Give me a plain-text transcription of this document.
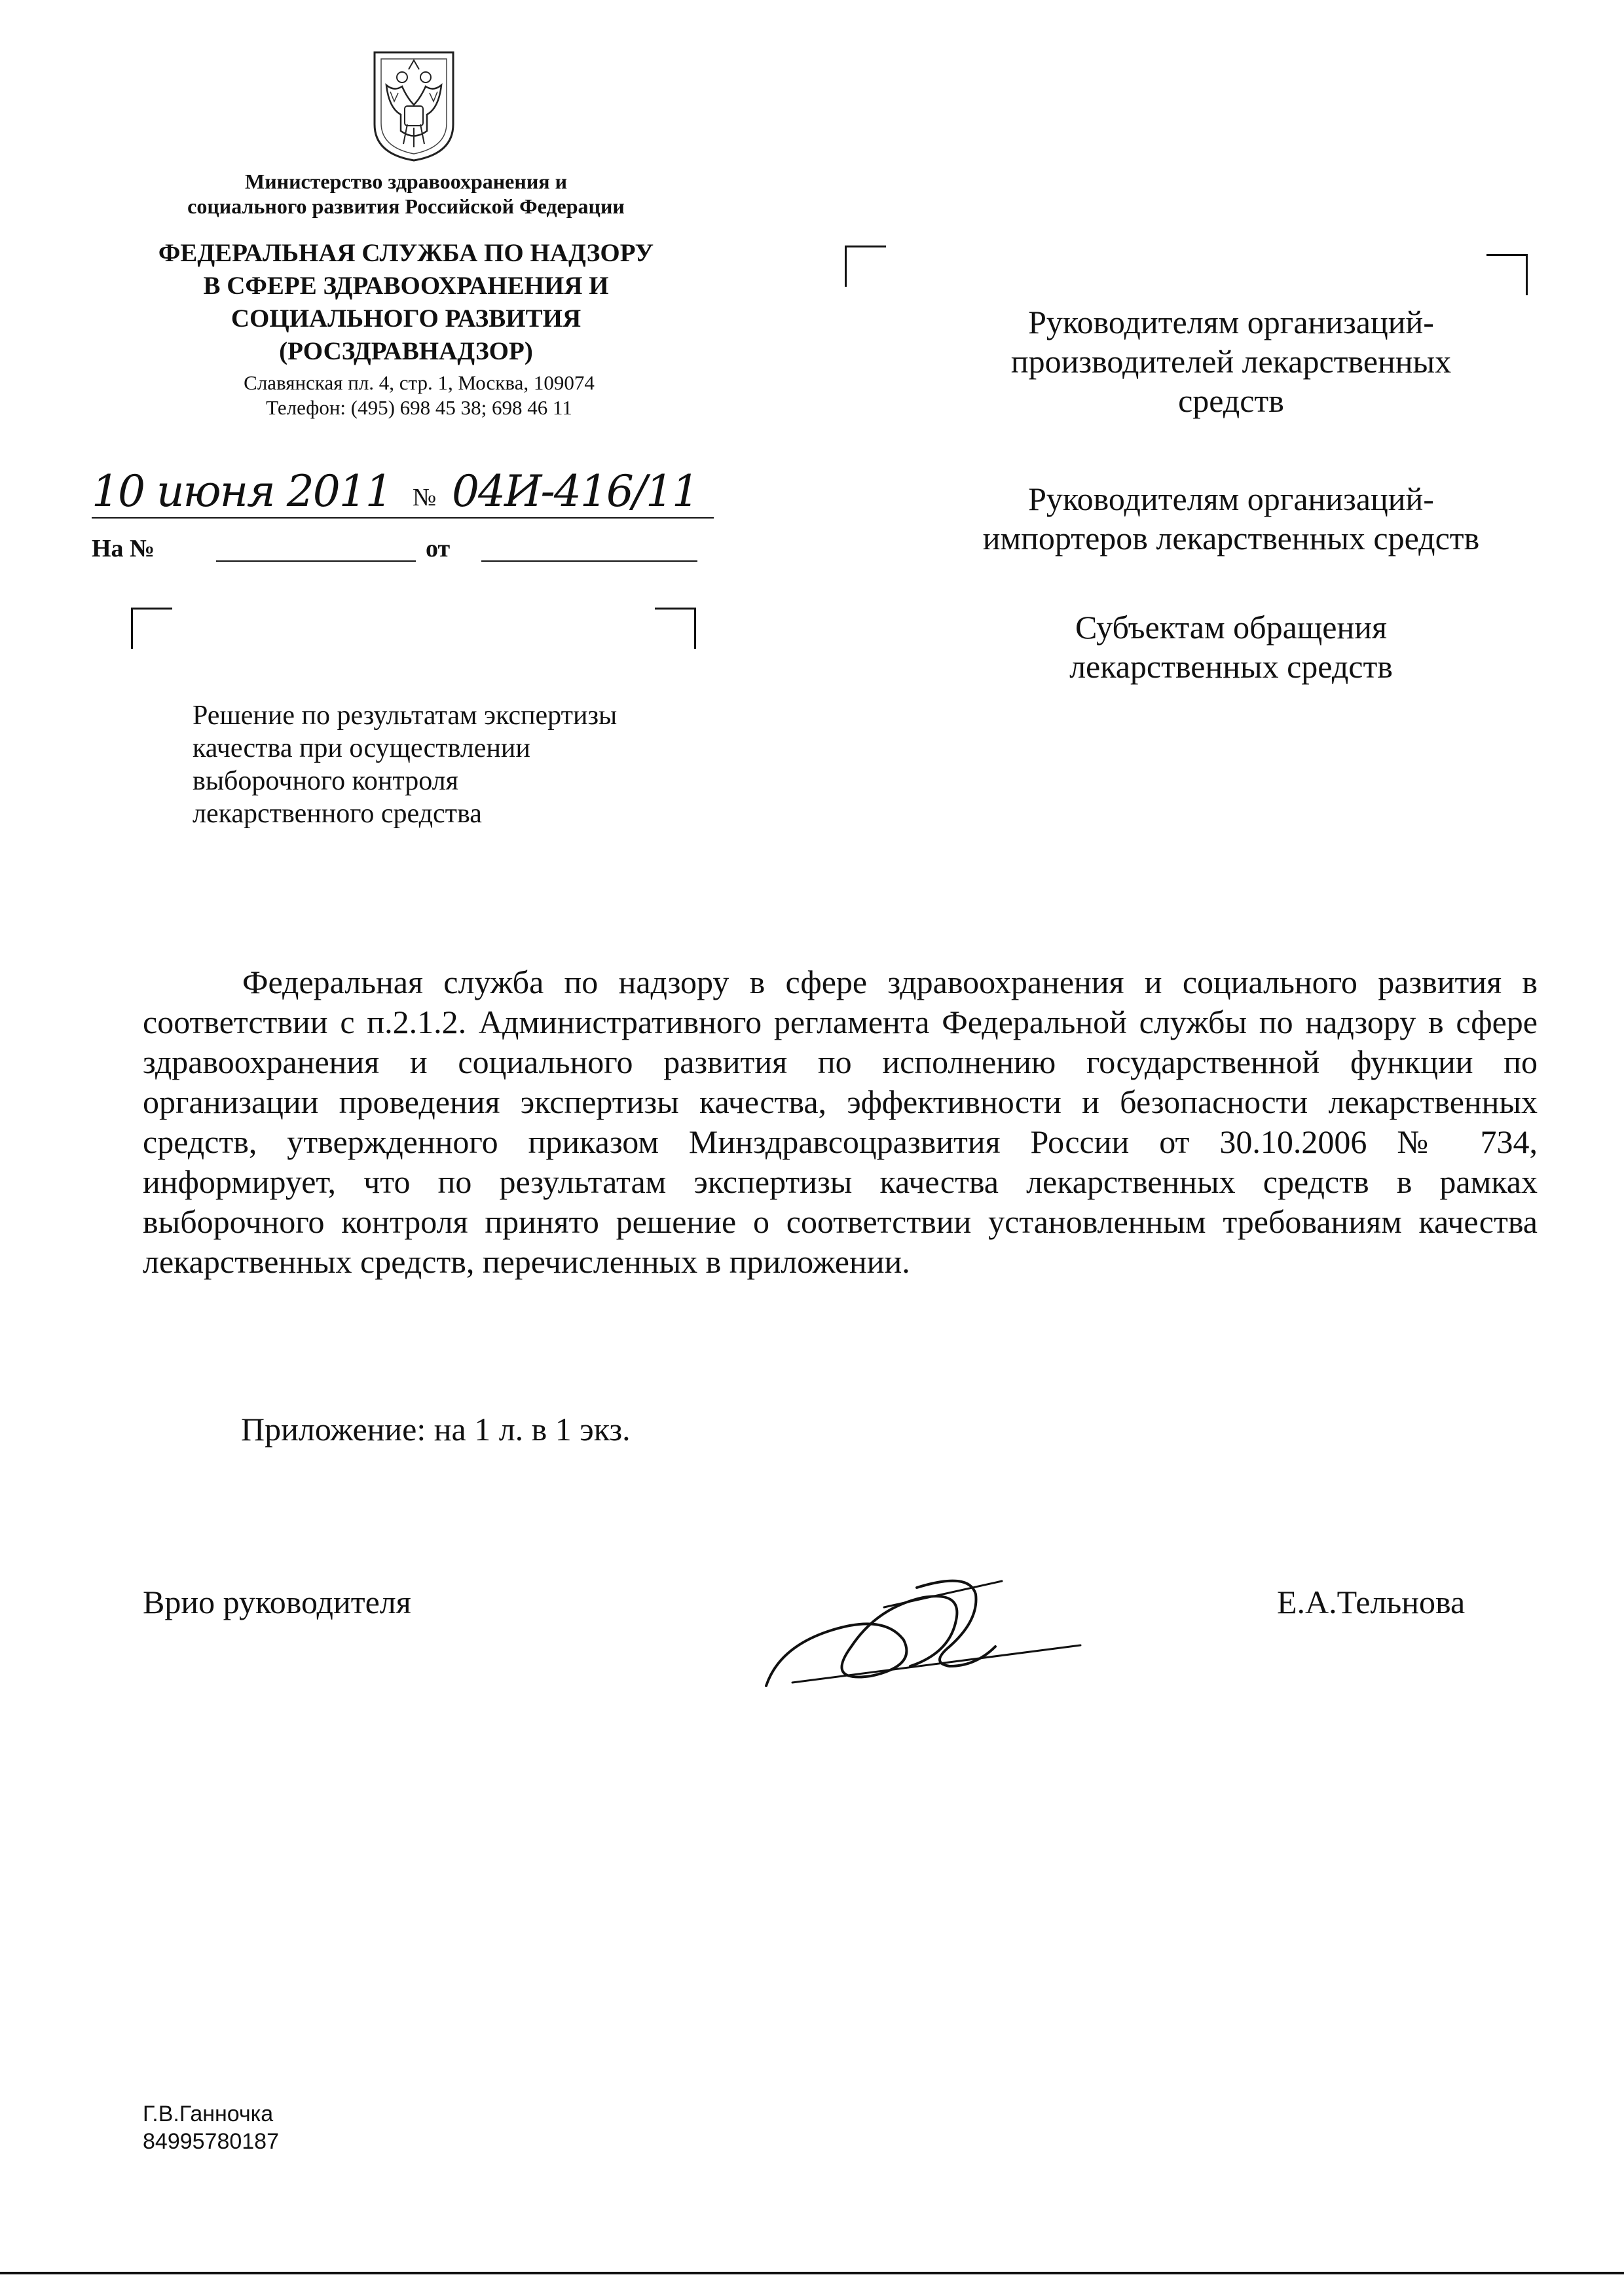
Министерство здравоохранения и
социального развития Российской Федерации
ФЕДЕРАЛЬНАЯ СЛУЖБА ПО НАДЗОРУ
В СФЕРЕ ЗДРАВООХРАНЕНИЯ И
СОЦИАЛЬНОГО РАЗВИТИЯ
(РОСЗДРАВНАДЗОР)
Славянская пл. 4, стр. 1, Москва, 109074
Телефон: (495) 698 45 38; 698 46 11
10 июня 2011 № 04И-416/11
На №	от
Решение по результатам экспертизы
качества при осуществлении
выборочного контроля
лекарственного средства
Руководителям организаций-
производителей лекарственных
средств
Руководителям организаций-
импортеров лекарственных средств
Субъектам обращения
лекарственных средств
Федеральная служба по надзору в сфере здравоохранения и социального развития в соответствии с п.2.1.2. Административного регламента Федеральной службы по надзору в сфере здравоохранения и социального развития по исполнению государственной функции по организации проведения экспертизы качества, эффективности и безопасности лекарственных средств, утвержденного приказом Минздравсоцразвития России от 30.10.2006 № 734, информирует, что по результатам экспертизы качества лекарственных средств в рамках выборочного контроля принято решение о соответствии установленным требованиям качества лекарственных средств, перечисленных в приложении.
Приложение: на 1 л. в 1 экз.
Врио руководителя	Е.А.Тельнова
Г.В.Ганночка
84995780187
